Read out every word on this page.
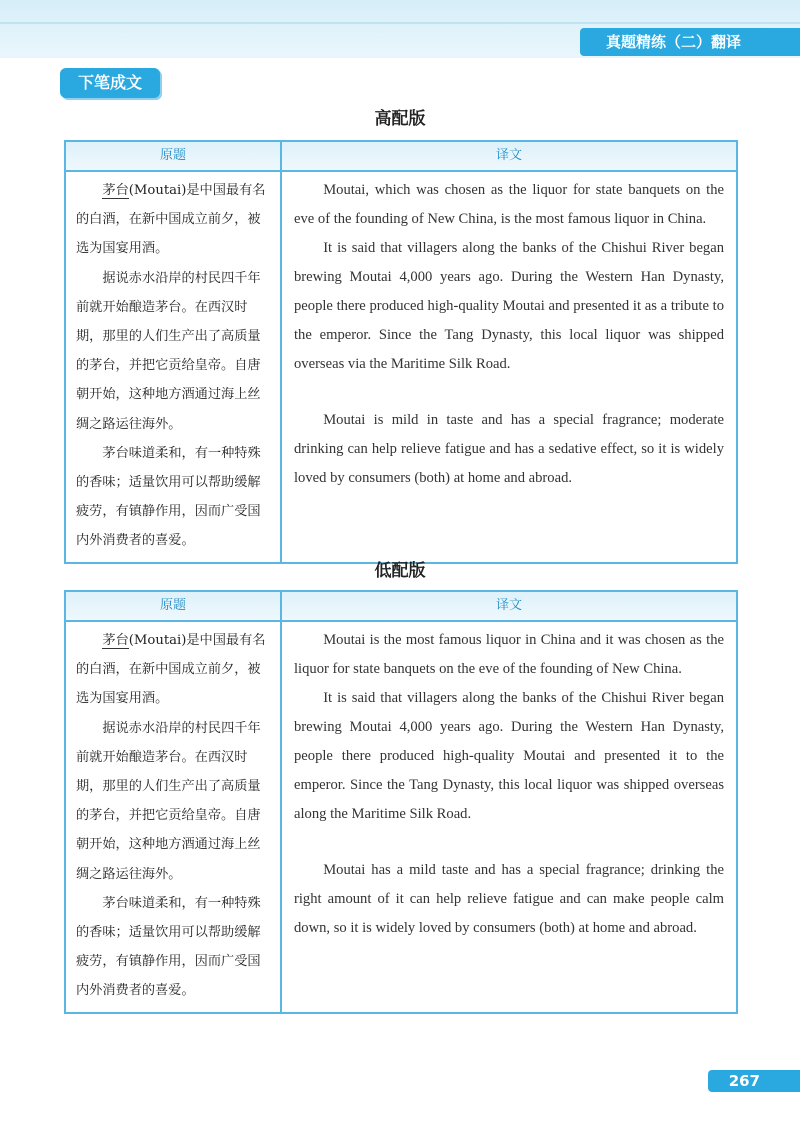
真题精练（二）翻译
下笔成文
高配版
原题	译文

茅台(Moutai)是中国最有名的白酒，在新中国成立前夕，被选为国宴用酒。

据说赤水沿岸的村民四千年前就开始酿造茅台。在西汉时期，那里的人们生产出了高质量的茅台，并把它贡给皇帝。自唐朝开始，这种地方酒通过海上丝绸之路运往海外。

茅台味道柔和，有一种特殊的香味；适量饮用可以帮助缓解疲劳，有镇静作用，因而广受国内外消费者的喜爱。

Moutai, which was chosen as the liquor for state banquets on the eve of the founding of New China, is the most famous liquor in China.

It is said that villagers along the banks of the Chishui River began brewing Moutai 4,000 years ago. During the Western Han Dynasty, people there produced high-quality Moutai and presented it as a tribute to the emperor. Since the Tang Dynasty, this local liquor was shipped overseas via the Maritime Silk Road.

Moutai is mild in taste and has a special fragrance; moderate drinking can help relieve fatigue and has a sedative effect, so it is widely loved by consumers (both) at home and abroad.

低配版
原题	译文

茅台(Moutai)是中国最有名的白酒，在新中国成立前夕，被选为国宴用酒。

据说赤水沿岸的村民四千年前就开始酿造茅台。在西汉时期，那里的人们生产出了高质量的茅台，并把它贡给皇帝。自唐朝开始，这种地方酒通过海上丝绸之路运往海外。

茅台味道柔和，有一种特殊的香味；适量饮用可以帮助缓解疲劳，有镇静作用，因而广受国内外消费者的喜爱。

Moutai is the most famous liquor in China and it was chosen as the liquor for state banquets on the eve of the founding of New China.

It is said that villagers along the banks of the Chishui River began brewing Moutai 4,000 years ago. During the Western Han Dynasty, people there produced high-quality Moutai and presented it to the emperor. Since the Tang Dynasty, this local liquor was shipped overseas along the Maritime Silk Road.

Moutai has a mild taste and has a special fragrance; drinking the right amount of it can help relieve fatigue and can make people calm down, so it is widely loved by consumers (both) at home and abroad.

267
